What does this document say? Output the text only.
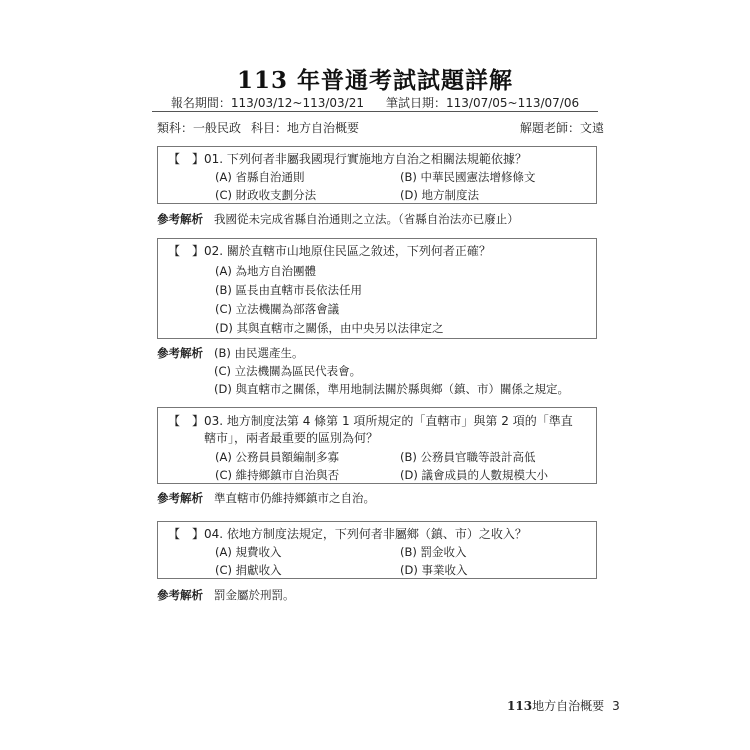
113 年普通考試試題詳解
報名期間：113/03/12~113/03/21 筆試日期：113/07/05~113/07/06
類科：一般民政 科目：地方自治概要	解題老師：文遠
【　】 01. 下列何者非屬我國現行實施地方自治之相關法規範依據？
(A) 省縣自治通則	(B) 中華民國憲法增修條文
(C) 財政收支劃分法	(D) 地方制度法
參考解析 我國從未完成省縣自治通則之立法。（省縣自治法亦已廢止）
【　】 02. 關於直轄市山地原住民區之敘述，下列何者正確？
(A) 為地方自治團體
(B) 區長由直轄市長依法任用
(C) 立法機關為部落會議
(D) 其與直轄市之關係，由中央另以法律定之
參考解析 (B) 由民選產生。
(C) 立法機關為區民代表會。
(D) 與直轄市之關係，準用地制法關於縣與鄉（鎮、市）關係之規定。
【　】 03. 地方制度法第 4 條第 1 項所規定的「直轄市」與第 2 項的「準直轄市」，兩者最重要的區別為何？
(A) 公務員員額編制多寡	(B) 公務員官職等設計高低
(C) 維持鄉鎮市自治與否	(D) 議會成員的人數規模大小
參考解析 準直轄市仍維持鄉鎮市之自治。
【　】 04. 依地方制度法規定，下列何者非屬鄉（鎮、市）之收入？
(A) 規費收入	(B) 罰金收入
(C) 捐獻收入	(D) 事業收入
參考解析 罰金屬於刑罰。
113地方自治概要 3
